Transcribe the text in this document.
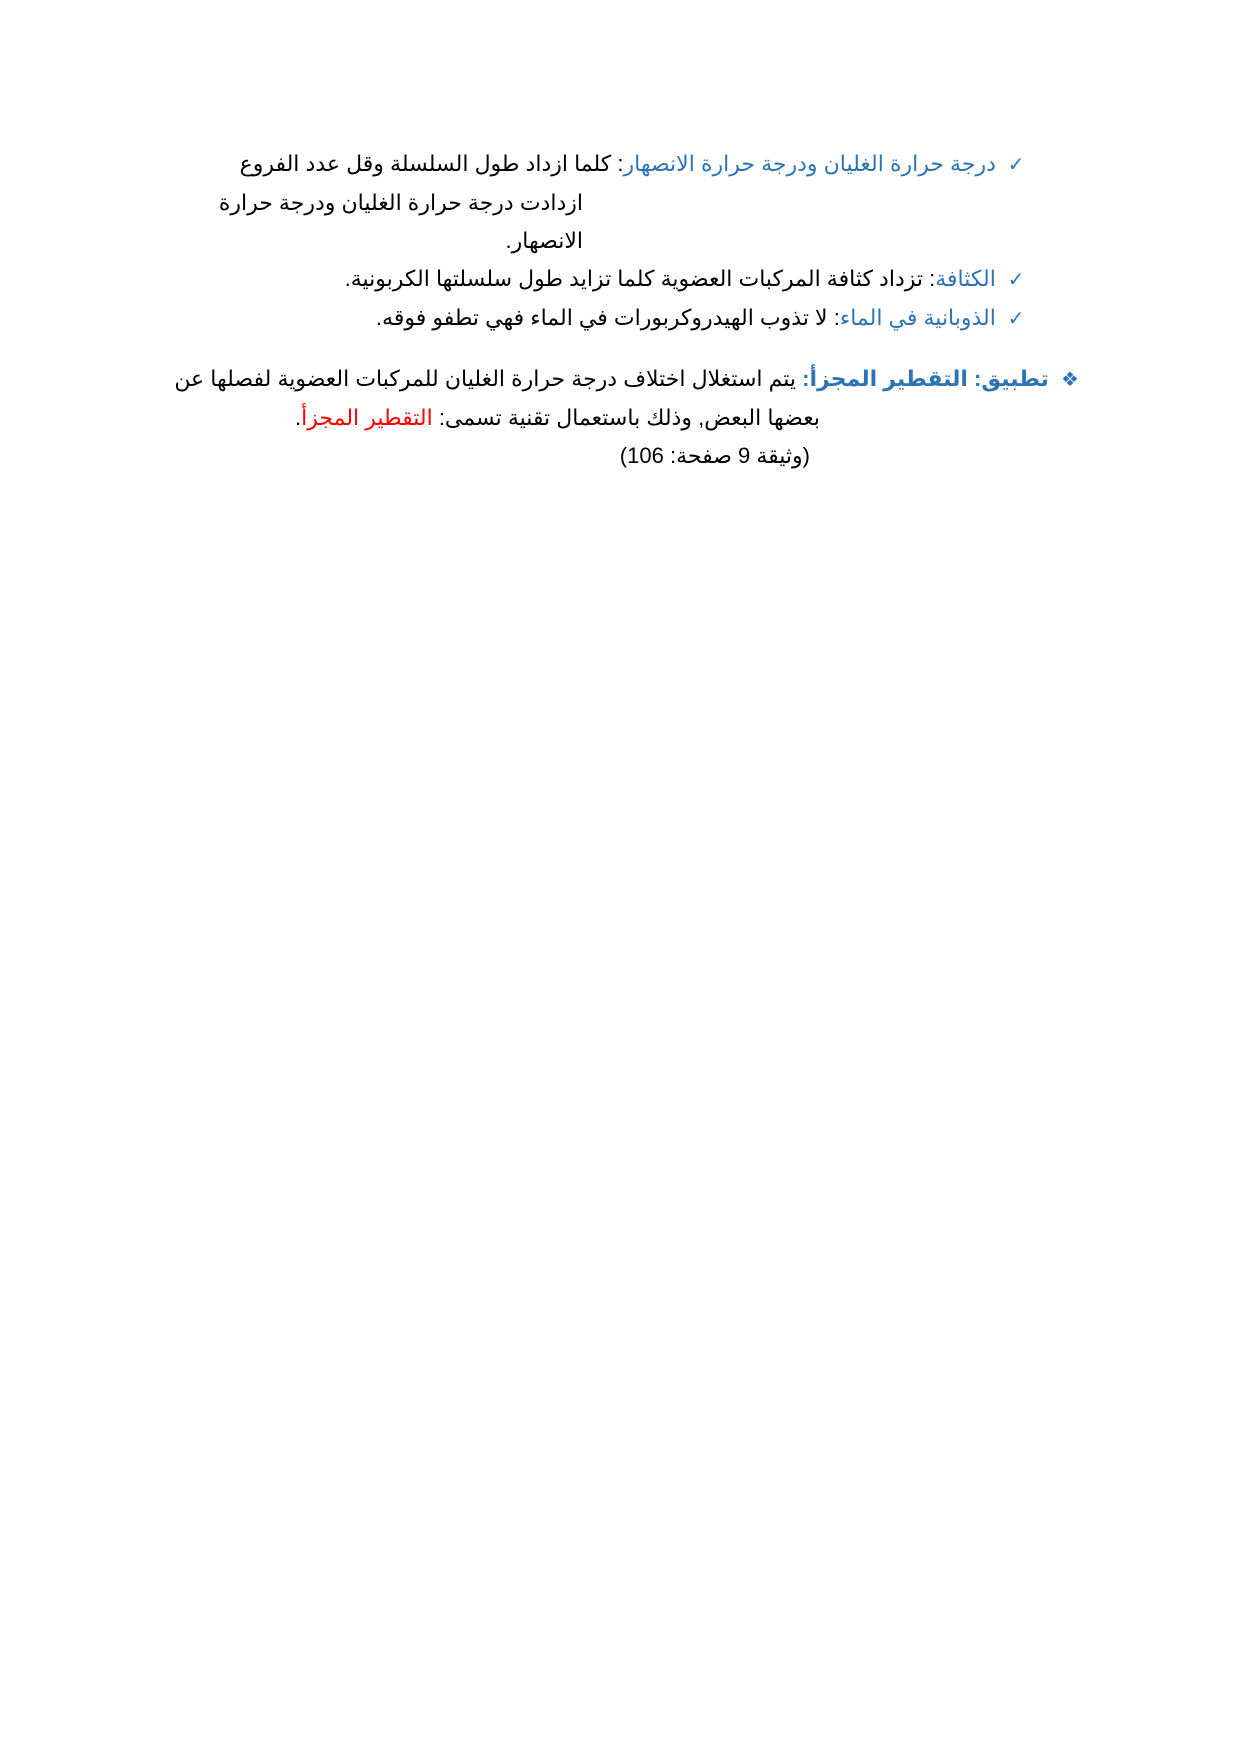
✓ درجة حرارة الغليان ودرجة حرارة الانصهار: كلما ازداد طول السلسلة وقل عدد الفروع
ازدادت درجة حرارة الغليان ودرجة حرارة
الانصهار.
✓ الكثافة: تزداد كثافة المركبات العضوية كلما تزايد طول سلسلتها الكربونية.
✓ الذوبانية في الماء: لا تذوب الهيدروكربورات في الماء فهي تطفو فوقه.
❖ تطبيق: التقطير المجزأ: يتم استغلال اختلاف درجة حرارة الغليان للمركبات العضوية لفصلها عن
بعضها البعض, وذلك باستعمال تقنية تسمى: التقطير المجزأ.
(وثيقة 9 صفحة: 106)
